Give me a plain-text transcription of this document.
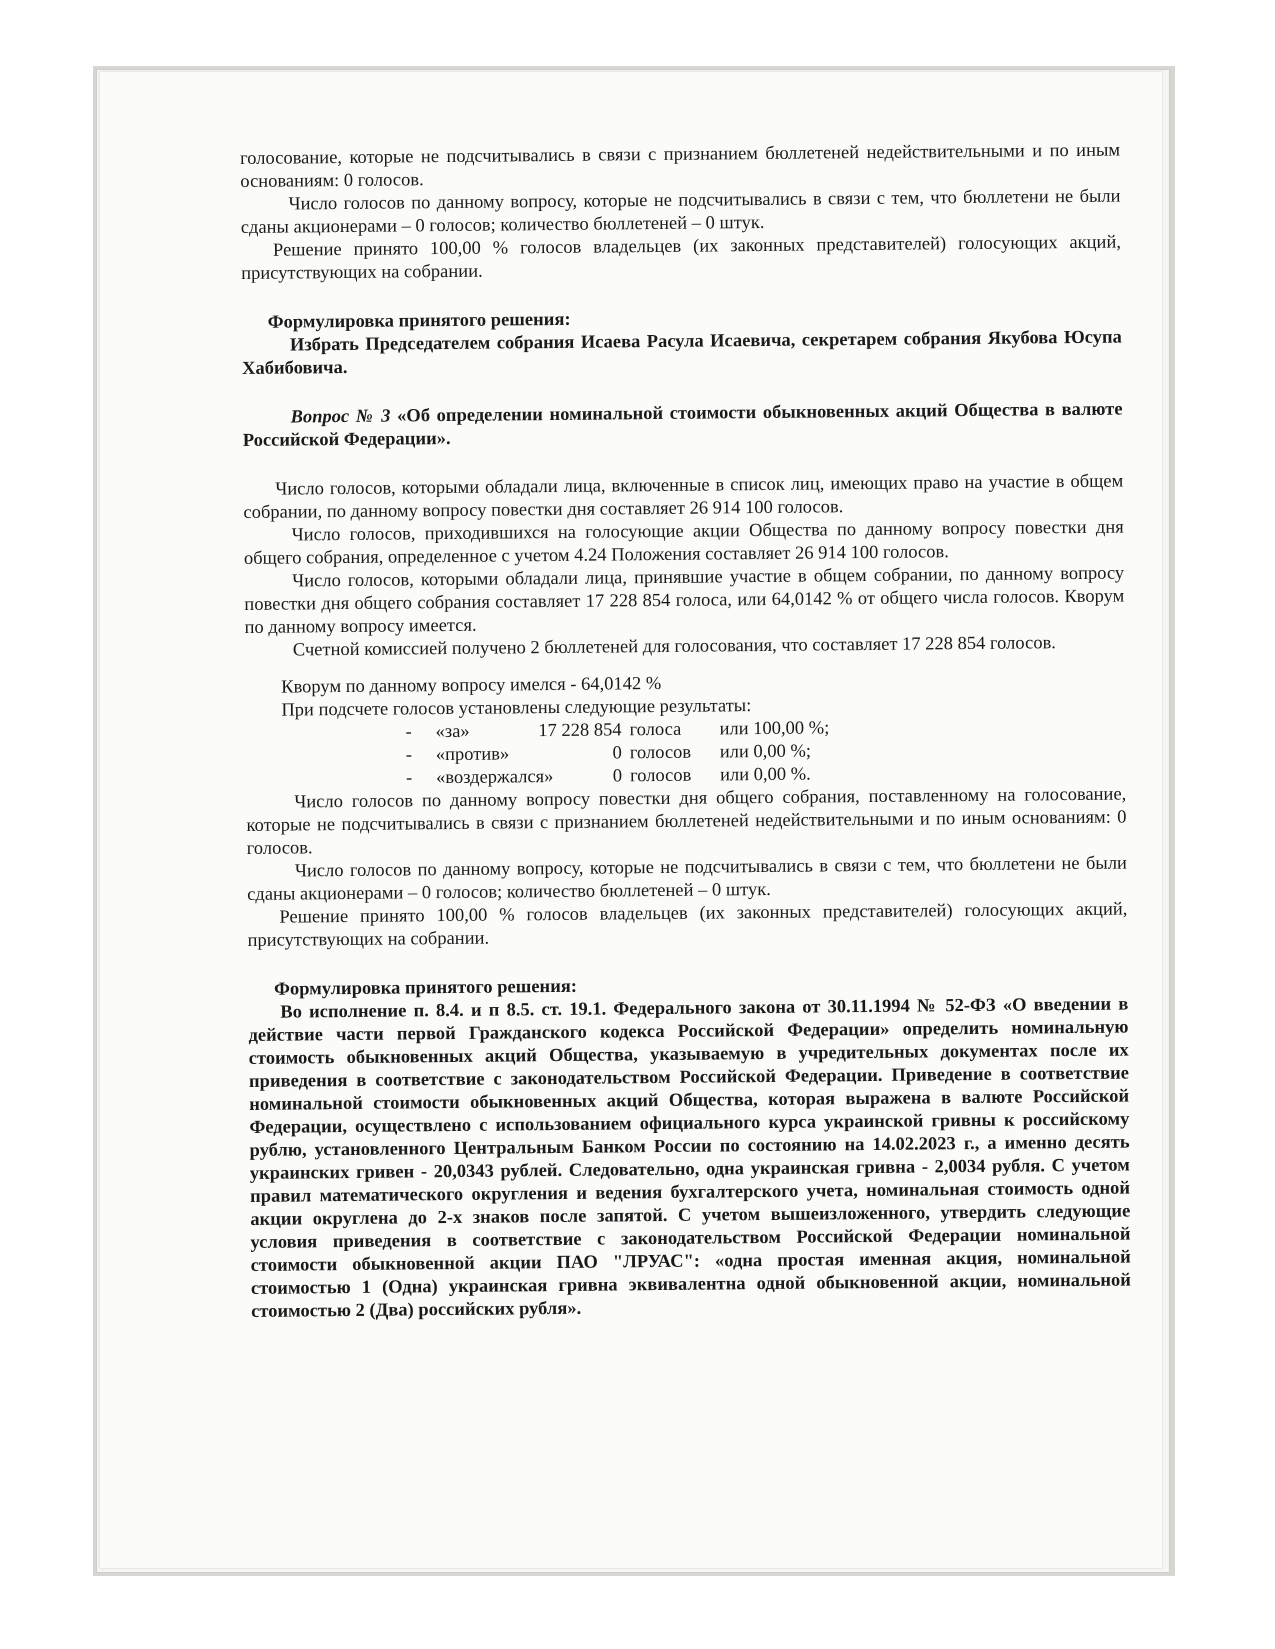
голосование, которые не подсчитывались в связи с признанием бюллетеней недействительными и по иным основаниям: 0 голосов.

Число голосов по данному вопросу, которые не подсчитывались в связи с тем, что бюллетени не были сданы акционерами – 0 голосов; количество бюллетеней – 0 штук.

Решение принято 100,00 % голосов владельцев (их законных представителей) голосующих акций, присутствующих на собрании.

Формулировка принятого решения:

Избрать Председателем собрания Исаева Расула Исаевича, секретарем собрания Якубова Юсупа Хабибовича.

Вопрос № 3 «Об определении номинальной стоимости обыкновенных акций Общества в валюте Российской Федерации».

Число голосов, которыми обладали лица, включенные в список лиц, имеющих право на участие в общем собрании, по данному вопросу повестки дня составляет 26 914 100 голосов.

Число голосов, приходившихся на голосующие акции Общества по данному вопросу повестки дня общего собрания, определенное с учетом 4.24 Положения составляет 26 914 100 голосов.

Число голосов, которыми обладали лица, принявшие участие в общем собрании, по данному вопросу повестки дня общего собрания составляет 17 228 854 голоса, или 64,0142 % от общего числа голосов. Кворум по данному вопросу имеется.

Счетной комиссией получено 2 бюллетеней для голосования, что составляет 17 228 854 голосов.

Кворум по данному вопросу имелся - 64,0142 %

При подсчете голосов установлены следующие результаты:

-	«за»	17 228 854 голоса	или 100,00 %;
-	«против»	0 голосов	или 0,00 %;
-	«воздержался»	0 голосов	или 0,00 %.

Число голосов по данному вопросу повестки дня общего собрания, поставленному на голосование, которые не подсчитывались в связи с признанием бюллетеней недействительными и по иным основаниям: 0 голосов.

Число голосов по данному вопросу, которые не подсчитывались в связи с тем, что бюллетени не были сданы акционерами – 0 голосов; количество бюллетеней – 0 штук.

Решение принято 100,00 % голосов владельцев (их законных представителей) голосующих акций, присутствующих на собрании.

Формулировка принятого решения:

Во исполнение п. 8.4. и п 8.5. ст. 19.1. Федерального закона от 30.11.1994 № 52-ФЗ «О введении в действие части первой Гражданского кодекса Российской Федерации» определить номинальную стоимость обыкновенных акций Общества, указываемую в учредительных документах после их приведения в соответствие с законодательством Российской Федерации. Приведение в соответствие номинальной стоимости обыкновенных акций Общества, которая выражена в валюте Российской Федерации, осуществлено с использованием официального курса украинской гривны к российскому рублю, установленного Центральным Банком России по состоянию на 14.02.2023 г., а именно десять украинских гривен - 20,0343 рублей. Следовательно, одна украинская гривна - 2,0034 рубля. С учетом правил математического округления и ведения бухгалтерского учета, номинальная стоимость одной акции округлена до 2-х знаков после запятой. С учетом вышеизложенного, утвердить следующие условия приведения в соответствие с законодательством Российской Федерации номинальной стоимости обыкновенной акции ПАО "ЛРУАС": «одна простая именная акция, номинальной стоимостью 1 (Одна) украинская гривна эквивалентна одной обыкновенной акции, номинальной стоимостью 2 (Два) российских рубля».
